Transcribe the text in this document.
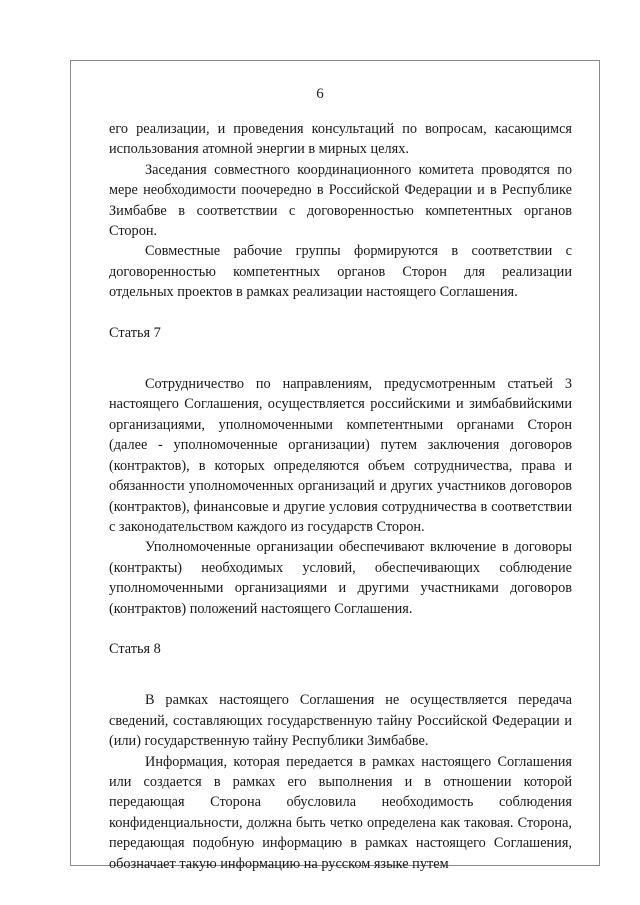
6

его реализации, и проведения консультаций по вопросам, касающимся использования атомной энергии в мирных целях.

Заседания совместного координационного комитета проводятся по мере необходимости поочередно в Российской Федерации и в Республике Зимбабве в соответствии с договоренностью компетентных органов Сторон.

Совместные рабочие группы формируются в соответствии с договоренностью компетентных органов Сторон для реализации отдельных проектов в рамках реализации настоящего Соглашения.

Статья 7

Сотрудничество по направлениям, предусмотренным статьей 3 настоящего Соглашения, осуществляется российскими и зимбабвийскими организациями, уполномоченными компетентными органами Сторон (далее - уполномоченные организации) путем заключения договоров (контрактов), в которых определяются объем сотрудничества, права и обязанности уполномоченных организаций и других участников договоров (контрактов), финансовые и другие условия сотрудничества в соответствии с законодательством каждого из государств Сторон.

Уполномоченные организации обеспечивают включение в договоры (контракты) необходимых условий, обеспечивающих соблюдение уполномоченными организациями и другими участниками договоров (контрактов) положений настоящего Соглашения.

Статья 8

В рамках настоящего Соглашения не осуществляется передача сведений, составляющих государственную тайну Российской Федерации и (или) государственную тайну Республики Зимбабве.

Информация, которая передается в рамках настоящего Соглашения или создается в рамках его выполнения и в отношении которой передающая Сторона обусловила необходимость соблюдения конфиденциальности, должна быть четко определена как таковая. Сторона, передающая подобную информацию в рамках настоящего Соглашения, обозначает такую информацию на русском языке путем
